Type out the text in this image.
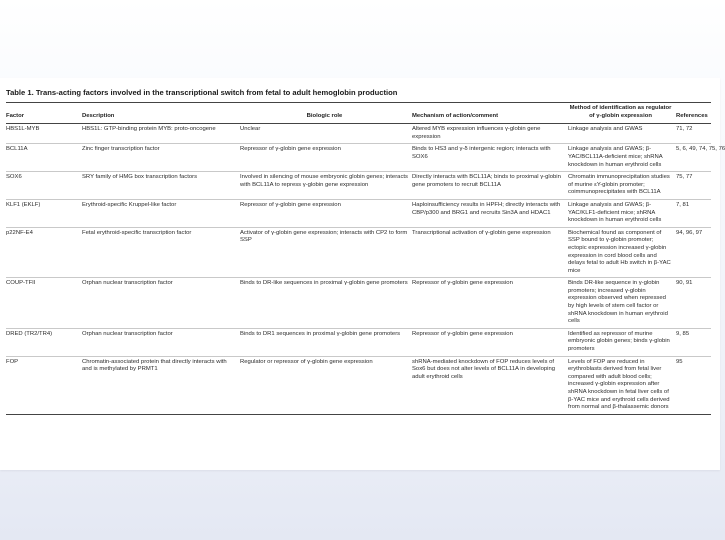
Table 1. Trans-acting factors involved in the transcriptional switch from fetal to adult hemoglobin production
Factor	Description	Biologic role	Mechanism of action/comment	Method of identification as regulator of γ-globin expression	References
HBS1L-MYB	HBS1L: GTP-binding protein MYB: proto-oncogene	Unclear	Altered MYB expression influences γ-globin gene expression	Linkage analysis and GWAS	71, 72
BCL11A	Zinc finger transcription factor	Repressor of γ-globin gene expression	Binds to HS3 and γ-δ intergenic region; interacts with SOX6	Linkage analysis and GWAS; β-YAC/BCL11A-deficient mice; shRNA knockdown in human erythroid cells	5, 6, 49, 74, 75, 76
SOX6	SRY family of HMG box transcription factors	Involved in silencing of mouse embryonic globin genes; interacts with BCL11A to repress γ-globin gene expression	Directly interacts with BCL11A; binds to proximal γ-globin gene promoters to recruit BCL11A	Chromatin immunoprecipitation studies of murine εY-globin promoter; coimmunoprecipitates with BCL11A	75, 77
KLF1 (EKLF)	Erythroid-specific Kruppel-like factor	Repressor of γ-globin gene expression	Haploinsufficiency results in HPFH; directly interacts with CBP/p300 and BRG1 and recruits Sin3A and HDAC1	Linkage analysis and GWAS; β-YAC/KLF1-deficient mice; shRNA knockdown in human erythroid cells	7, 81
p22NF-E4	Fetal erythroid-specific transcription factor	Activator of γ-globin gene expression; interacts with CP2 to form SSP	Transcriptional activation of γ-globin gene expression	Biochemical found as component of SSP bound to γ-globin promoter; ectopic expression increased γ-globin expression in cord blood cells and delays fetal to adult Hb switch in β-YAC mice	94, 96, 97
COUP-TFII	Orphan nuclear transcription factor	Binds to DR-like sequences in proximal γ-globin gene promoters	Repressor of γ-globin gene expression	Binds DR-like sequence in γ-globin promoters; increased γ-globin expression observed when repressed by high levels of stem cell factor or shRNA knockdown in human erythroid cells	90, 91
DRED (TR2/TR4)	Orphan nuclear transcription factor	Binds to DR1 sequences in proximal γ-globin gene promoters	Repressor of γ-globin gene expression	Identified as repressor of murine embryonic globin genes; binds γ-globin promoters	9, 85
FOP	Chromatin-associated protein that directly interacts with and is methylated by PRMT1	Regulator or repressor of γ-globin gene expression	shRNA-mediated knockdown of FOP reduces levels of Sox6 but does not alter levels of BCL11A in developing adult erythroid cells	Levels of FOP are reduced in erythroblasts derived from fetal liver compared with adult blood cells; increased γ-globin expression after shRNA knockdown in fetal liver cells of β-YAC mice and erythroid cells derived from normal and β-thalassemic donors	95
